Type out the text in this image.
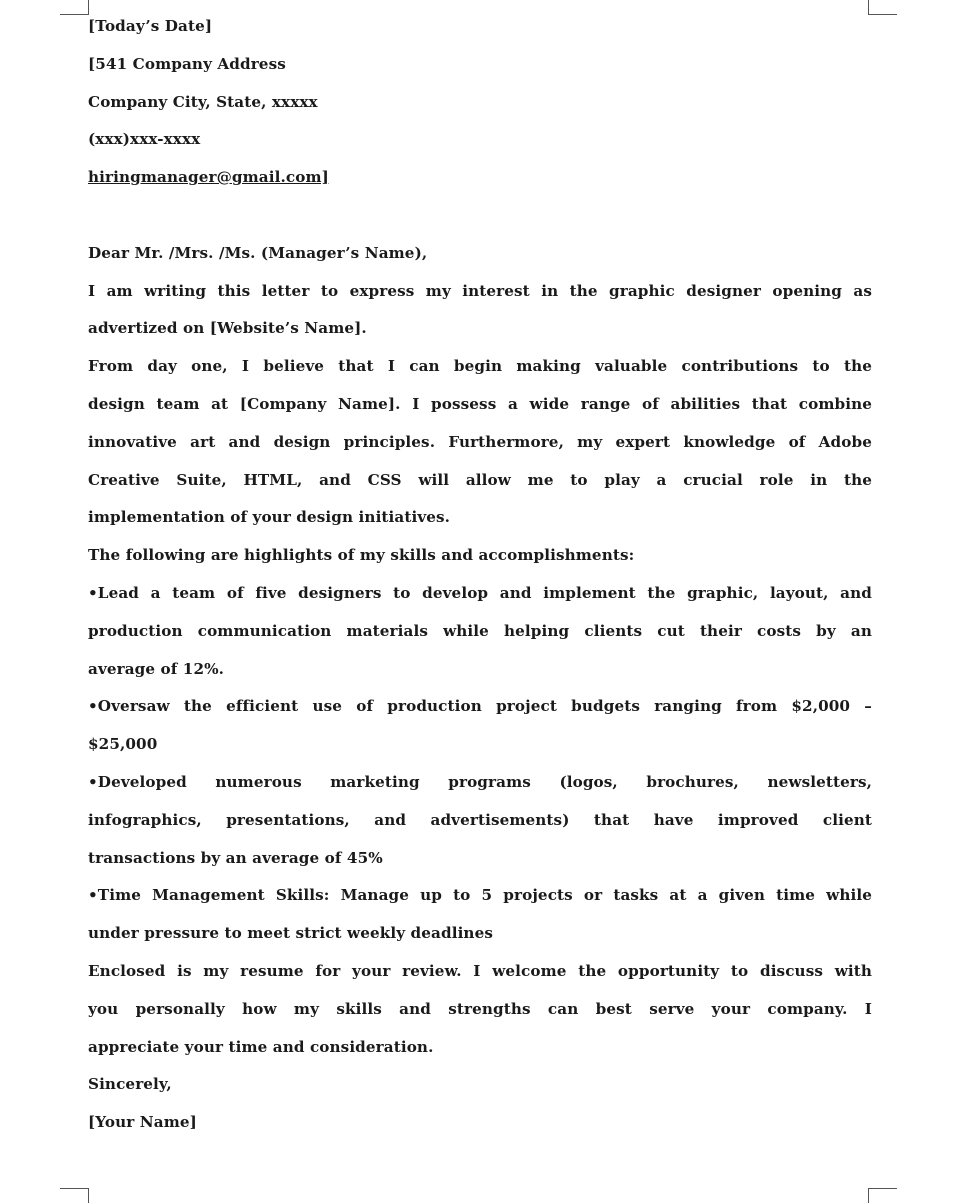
[Today’s Date]
[541 Company Address
Company City, State, xxxxx
(xxx)xxx-xxxx
hiringmanager@gmail.com]
Dear Mr. /Mrs. /Ms. (Manager’s Name),
I am writing this letter to express my interest in the graphic designer opening as
advertized on [Website’s Name].
From day one, I believe that I can begin making valuable contributions to the
design team at [Company Name]. I possess a wide range of abilities that combine
innovative art and design principles. Furthermore, my expert knowledge of Adobe
Creative Suite, HTML, and CSS will allow me to play a crucial role in the
implementation of your design initiatives.
The following are highlights of my skills and accomplishments:
•Lead a team of five designers to develop and implement the graphic, layout, and
production communication materials while helping clients cut their costs by an
average of 12%.
•Oversaw the efficient use of production project budgets ranging from $2,000 –
$25,000
•Developed numerous marketing programs (logos, brochures, newsletters,
infographics, presentations, and advertisements) that have improved client
transactions by an average of 45%
•Time Management Skills: Manage up to 5 projects or tasks at a given time while
under pressure to meet strict weekly deadlines
Enclosed is my resume for your review. I welcome the opportunity to discuss with
you personally how my skills and strengths can best serve your company. I
appreciate your time and consideration.
Sincerely,
[Your Name]
